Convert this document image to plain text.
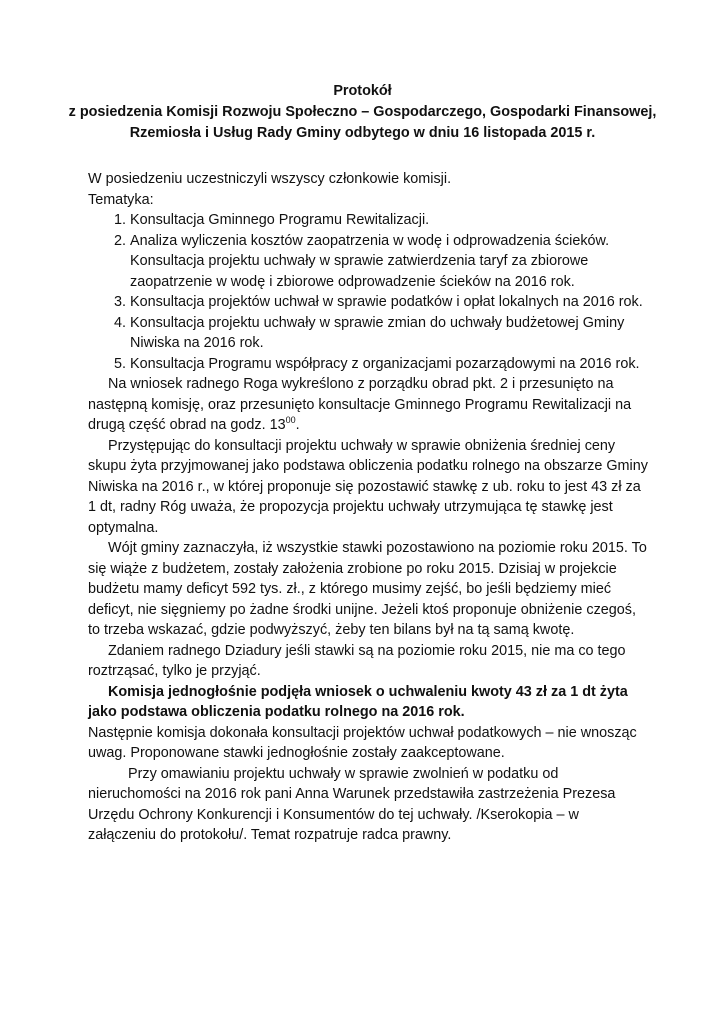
Protokół
z posiedzenia Komisji Rozwoju Społeczno – Gospodarczego, Gospodarki Finansowej,
Rzemiosła i Usług Rady Gminy odbytego w dniu 16 listopada 2015 r.

W posiedzeniu uczestniczyli wszyscy członkowie komisji.

Tematyka:

1. Konsultacja Gminnego Programu Rewitalizacji.
2. Analiza wyliczenia kosztów zaopatrzenia w wodę i odprowadzenia ścieków. Konsultacja projektu uchwały w sprawie zatwierdzenia taryf za zbiorowe zaopatrzenie w wodę i zbiorowe odprowadzenie ścieków na 2016 rok.
3. Konsultacja projektów uchwał w sprawie podatków i opłat lokalnych na 2016 rok.
4. Konsultacja projektu uchwały w sprawie zmian do uchwały budżetowej Gminy Niwiska na 2016 rok.
5. Konsultacja Programu współpracy z organizacjami pozarządowymi na 2016 rok.

Na wniosek radnego Roga wykreślono z porządku obrad pkt. 2 i przesunięto na następną komisję, oraz przesunięto konsultacje Gminnego Programu Rewitalizacji na drugą część obrad na godz. $13^{00}$.

Przystępując do konsultacji projektu uchwały w sprawie obniżenia średniej ceny skupu żyta przyjmowanej jako podstawa obliczenia podatku rolnego na obszarze Gminy Niwiska na 2016 r., w której proponuje się pozostawić stawkę z ub. roku to jest 43 zł za 1 dt, radny Róg uważa, że propozycja projektu uchwały utrzymująca tę stawkę jest optymalna.

Wójt gminy zaznaczyła, iż wszystkie stawki pozostawiono na poziomie roku 2015. To się wiąże z budżetem, zostały założenia zrobione po roku 2015. Dzisiaj w projekcie budżetu mamy deficyt 592 tys. zł., z którego musimy zejść, bo jeśli będziemy mieć deficyt, nie sięgniemy po żadne środki unijne. Jeżeli ktoś proponuje obniżenie czegoś, to trzeba wskazać, gdzie podwyższyć, żeby ten bilans był na tą samą kwotę.

Zdaniem radnego Dziadury jeśli stawki są na poziomie roku 2015, nie ma co tego roztrząsać, tylko je przyjąć.

Komisja jednogłośnie podjęła wniosek o uchwaleniu kwoty 43 zł za 1 dt żyta jako podstawa obliczenia podatku rolnego na 2016 rok.

Następnie komisja dokonała konsultacji projektów uchwał podatkowych – nie wnosząc uwag. Proponowane stawki jednogłośnie zostały zaakceptowane.

Przy omawianiu projektu uchwały w sprawie zwolnień w podatku od nieruchomości na 2016 rok pani Anna Warunek przedstawiła zastrzeżenia Prezesa Urzędu Ochrony Konkurencji i Konsumentów do tej uchwały. /Kserokopia – w załączeniu do protokołu/. Temat rozpatruje radca prawny.
